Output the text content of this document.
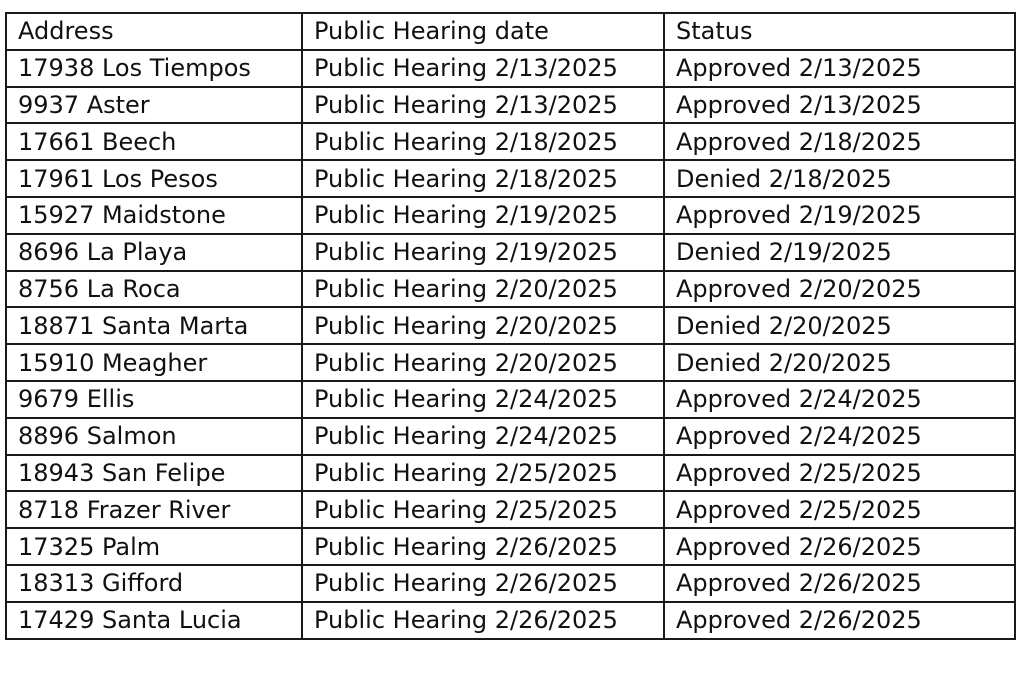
Address	Public Hearing date	Status
17938 Los Tiempos	Public Hearing 2/13/2025	Approved 2/13/2025
9937 Aster	Public Hearing 2/13/2025	Approved 2/13/2025
17661 Beech	Public Hearing 2/18/2025	Approved 2/18/2025
17961 Los Pesos	Public Hearing 2/18/2025	Denied 2/18/2025
15927 Maidstone	Public Hearing 2/19/2025	Approved 2/19/2025
8696 La Playa	Public Hearing 2/19/2025	Denied 2/19/2025
8756 La Roca	Public Hearing 2/20/2025	Approved 2/20/2025
18871 Santa Marta	Public Hearing 2/20/2025	Denied 2/20/2025
15910 Meagher	Public Hearing 2/20/2025	Denied 2/20/2025
9679 Ellis	Public Hearing 2/24/2025	Approved 2/24/2025
8896 Salmon	Public Hearing 2/24/2025	Approved 2/24/2025
18943 San Felipe	Public Hearing 2/25/2025	Approved 2/25/2025
8718 Frazer River	Public Hearing 2/25/2025	Approved 2/25/2025
17325 Palm	Public Hearing 2/26/2025	Approved 2/26/2025
18313 Gifford	Public Hearing 2/26/2025	Approved 2/26/2025
17429 Santa Lucia	Public Hearing 2/26/2025	Approved 2/26/2025
